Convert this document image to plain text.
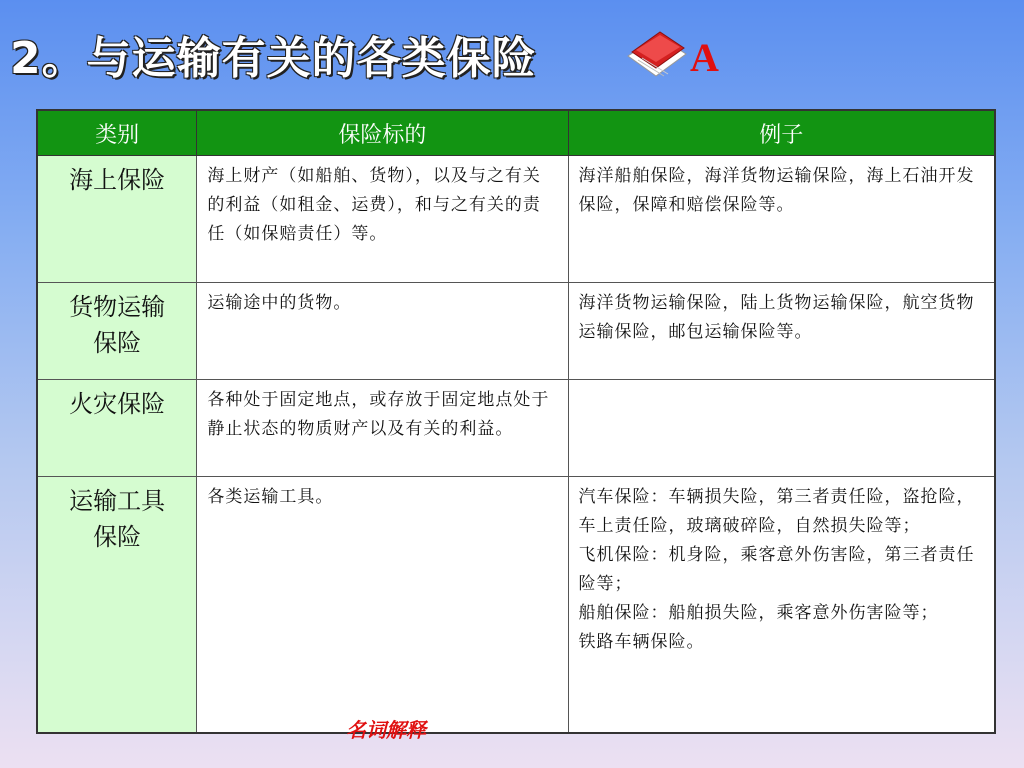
2。与运输有关的各类保险	A
类别	保险标的	例子

海上保险	海上财产（如船舶、货物），以及与之有关的利益（如租金、运费），和与之有关的责任（如保赔责任）等。	海洋船舶保险，海洋货物运输保险，海上石油开发保险，保障和赔偿保险等。

货物运输保险	运输途中的货物。	海洋货物运输保险，陆上货物运输保险，航空货物运输保险，邮包运输保险等。

火灾保险	各种处于固定地点，或存放于固定地点处于静止状态的物质财产以及有关的利益。	

运输工具保险	各类运输工具。	汽车保险：车辆损失险，第三者责任险，盗抢险，车上责任险，玻璃破碎险，自然损失险等；
飞机保险：机身险，乘客意外伤害险，第三者责任险等；
船舶保险：船舶损失险，乘客意外伤害险等；
铁路车辆保险。
名词解释
